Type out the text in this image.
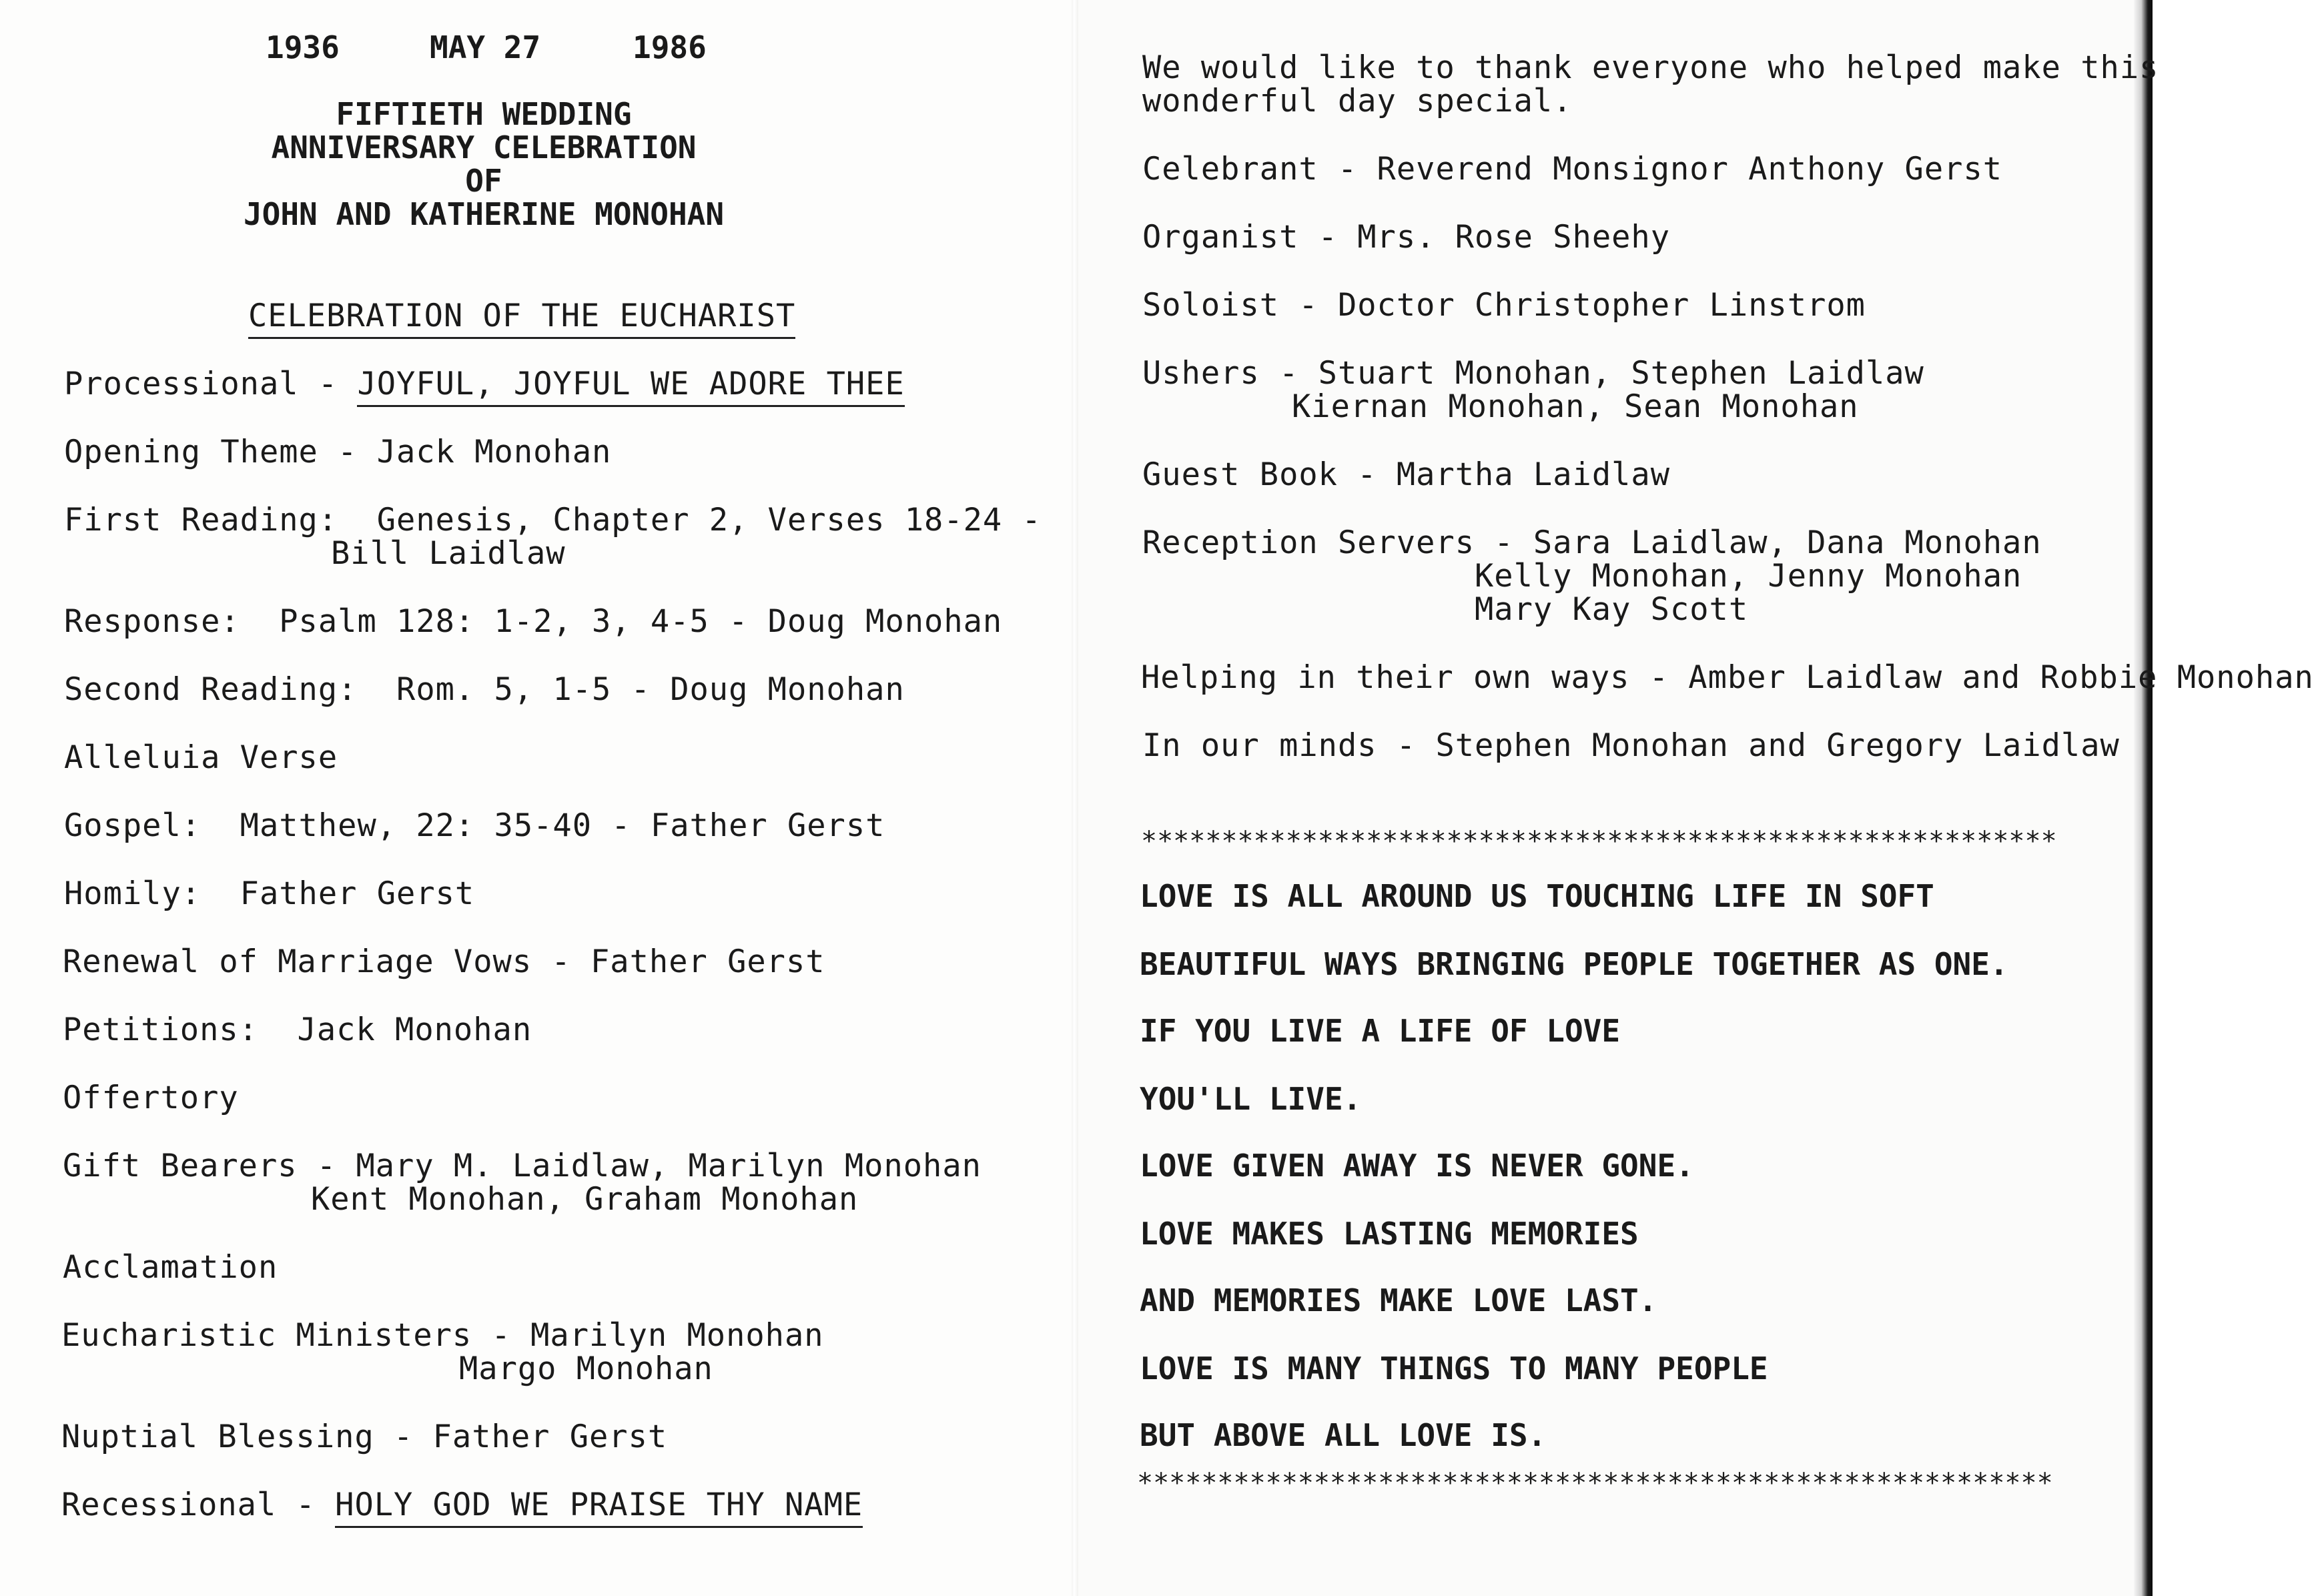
1936	MAY 27	1986
FIFTIETH WEDDING
ANNIVERSARY CELEBRATION
OF
JOHN AND KATHERINE MONOHAN
CELEBRATION OF THE EUCHARIST
Processional - JOYFUL, JOYFUL WE ADORE THEE
Opening Theme - Jack Monohan
First Reading:  Genesis, Chapter 2, Verses 18-24 -
Bill Laidlaw
Response:  Psalm 128: 1-2, 3, 4-5 - Doug Monohan
Second Reading:  Rom. 5, 1-5 - Doug Monohan
Alleluia Verse
Gospel:  Matthew, 22: 35-40 - Father Gerst
Homily:  Father Gerst
Renewal of Marriage Vows - Father Gerst
Petitions:  Jack Monohan
Offertory
Gift Bearers - Mary M. Laidlaw, Marilyn Monohan
Kent Monohan, Graham Monohan
Acclamation
Eucharistic Ministers - Marilyn Monohan
Margo Monohan
Nuptial Blessing - Father Gerst
Recessional - HOLY GOD WE PRAISE THY NAME
We would like to thank everyone who helped make this
wonderful day special.
Celebrant - Reverend Monsignor Anthony Gerst
Organist - Mrs. Rose Sheehy
Soloist - Doctor Christopher Linstrom
Ushers - Stuart Monohan, Stephen Laidlaw
Kiernan Monohan, Sean Monohan
Guest Book - Martha Laidlaw
Reception Servers - Sara Laidlaw, Dana Monohan
Kelly Monohan, Jenny Monohan
Mary Kay Scott
Helping in their own ways - Amber Laidlaw and Robbie Monohan
In our minds - Stephen Monohan and Gregory Laidlaw
*********************************************************
LOVE IS ALL AROUND US TOUCHING LIFE IN SOFT
BEAUTIFUL WAYS BRINGING PEOPLE TOGETHER AS ONE.
IF YOU LIVE A LIFE OF LOVE
YOU'LL LIVE.
LOVE GIVEN AWAY IS NEVER GONE.
LOVE MAKES LASTING MEMORIES
AND MEMORIES MAKE LOVE LAST.
LOVE IS MANY THINGS TO MANY PEOPLE
BUT ABOVE ALL LOVE IS.
*********************************************************
